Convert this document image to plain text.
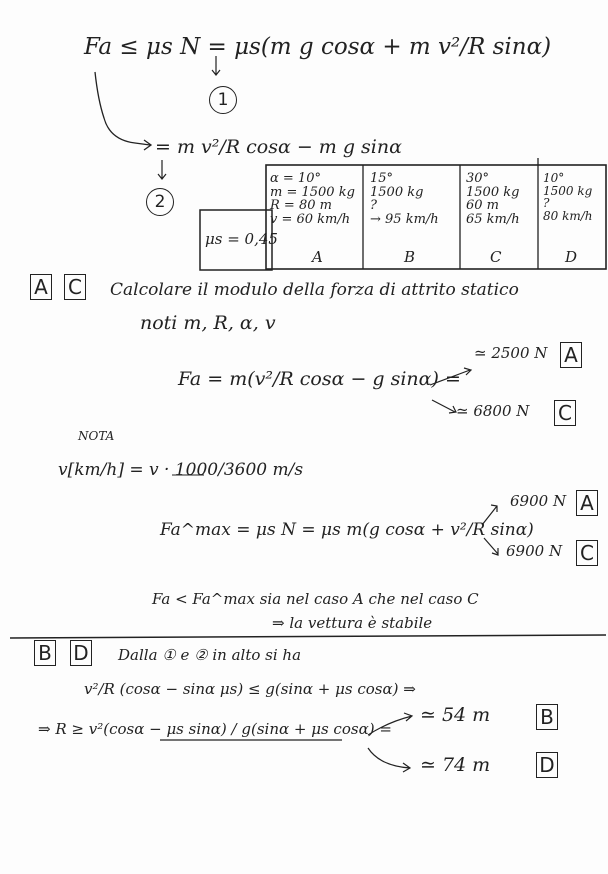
Fa ≤ μs N = μs(m g cosα + m v²/R sinα)
1
= m v²/R cosα − m g sinα
2
μs = 0,45
α = 10°
m = 1500 kg
R = 80 m
v = 60 km/h
A
15°
1500 kg
?
→ 95 km/h
B
30°
1500 kg
60 m
65 km/h
C
10°
1500 kg
?
80 km/h
D
A C Calcolare il modulo della forza di attrito statico
noti m, R, α, v
Fa = m(v²/R cosα − g sinα) =
≃ 2500 N A
≃ 6800 N C
NOTA
v[km/h] = v · 1000/3600 m/s
Fa^max = μs N = μs m(g cosα + v²/R sinα)
6900 N A
6900 N C
Fa < Fa^max sia nel caso A che nel caso C
⇒ la vettura è stabile
B D Dalla ① e ② in alto si ha
v²/R (cosα − sinα μs) ≤ g(sinα + μs cosα) ⇒
⇒ R ≥ v²(cosα − μs sinα) / g(sinα + μs cosα) =
≃ 54 m B
≃ 74 m D
